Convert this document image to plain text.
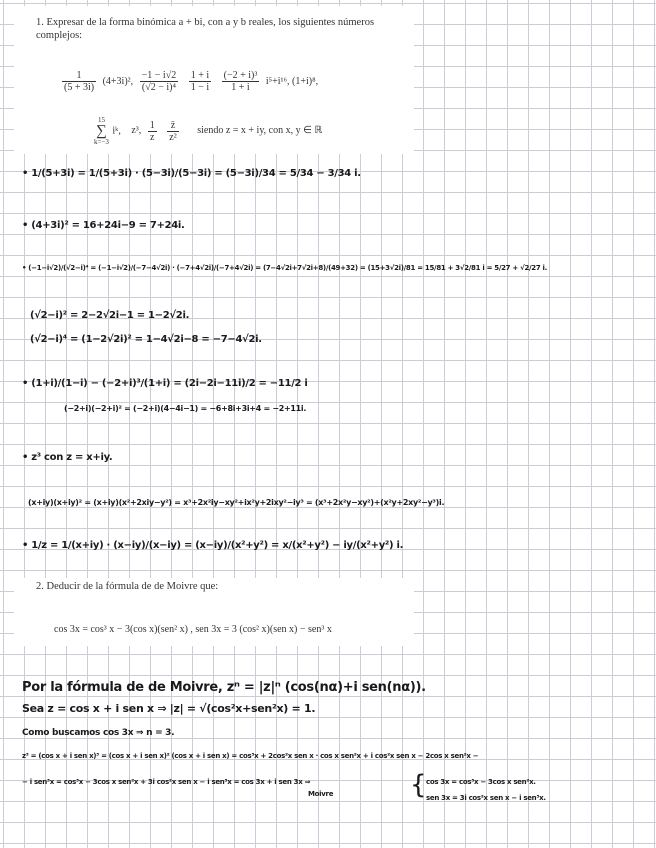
1. Expresar de la forma binómica a + bi, con a y b reales, los siguientes números complejos:
$\frac{1}{(5 + 3i)} (4+3i)^2$, $\frac{-1 - i√2}{\text{(√2 − i)⁴}}$
$\frac{1 + i}{1 - i}$
$\frac{\text{(−2 + i)³}}{1 + i} i^5+i^{16}$, (1+i)⁸,
15
∑
k=−3
iᵏ, z³, $\frac{1}{z}$
$\frac{z̄}{\text{z²}}$ siendo z = x + iy, con x, y ∈ ℝ
• 1/(5+3i) = 1/(5+3i) · (5−3i)/(5−3i) = (5−3i)/34 = 5/34 − 3/34 i.
• (4+3i)² = 16+24i−9 = 7+24i.
• (−1−i√2)/(√2−i)⁴ = (−1−i√2)/(−7−4√2i) · (−7+4√2i)/(−7+4√2i) = (7−4√2i+7√2i+8)/(49+32) = (15+3√2i)/81 = 15/81 + 3√2/81 i = 5/27 + √2/27 i.
(√2−i)² = 2−2√2i−1 = 1−2√2i.
(√2−i)⁴ = (1−2√2i)² = 1−4√2i−8 = −7−4√2i.
• (1+i)/(1−i) − (−2+i)³/(1+i) = (2i−2i−11i)/2 = −11/2 i
(−2+i)(−2+i)² = (−2+i)(4−4i−1) = −6+8i+3i+4 = −2+11i.
• z³ con z = x+iy.
(x+iy)(x+iy)² = (x+iy)(x²+2xiy−y²) = x³+2x²iy−xy²+ix²y+2ixy²−iy³ = (x³+2x²y−xy²)+(x²y+2xy²−y³)i.
• 1/z = 1/(x+iy) · (x−iy)/(x−iy) = (x−iy)/(x²+y²) = x/(x²+y²) − iy/(x²+y²) i.
2. Deducir de la fórmula de de Moivre que:
cos 3x = cos³ x − 3(cos x)(sen² x) , sen 3x = 3 (cos² x)(sen x) − sen³ x
Por la fórmula de de Moivre, zⁿ = |z|ⁿ (cos(nα)+i sen(nα)).
Sea z = cos x + i sen x ⇒ |z| = √(cos²x+sen²x) = 1.
Como buscamos cos 3x ⇒ n = 3.
z³ = (cos x + i sen x)³ = (cos x + i sen x)² (cos x + i sen x) = cos³x + 2cos²x sen x · cos x sen²x + i cos²x sen x − 2cos x sen²x −
− i sen³x = cos³x − 3cos x sen²x + 3i cos²x sen x − i sen³x = cos 3x + i sen 3x ⇒
Moivre	{ cos 3x = cos³x − 3cos x sen²x.
sen 3x = 3i cos²x sen x − i sen³x.
